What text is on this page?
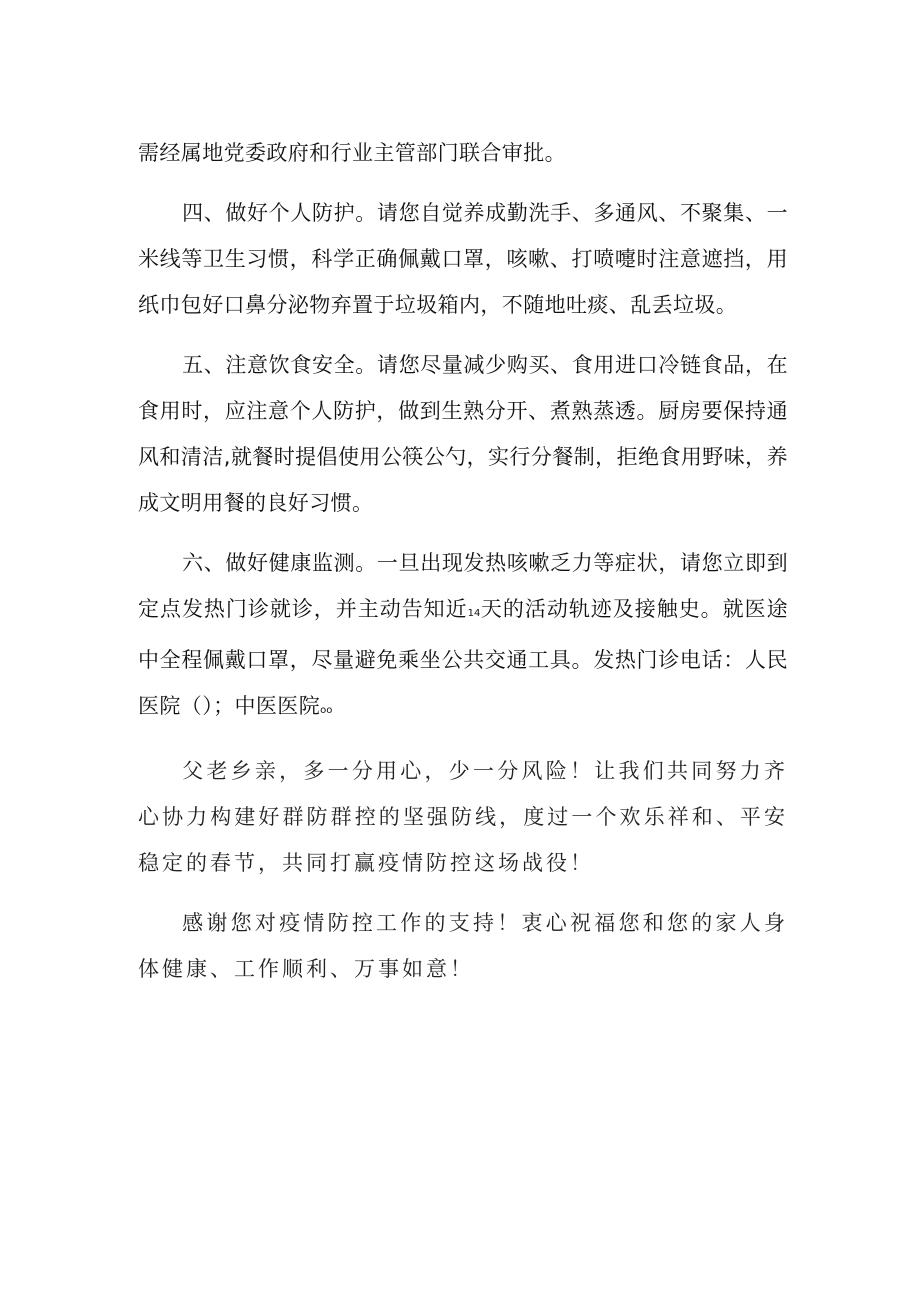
需经属地党委政府和行业主管部门联合审批。

四、做好个人防护。请您自觉养成勤洗手、多通风、不聚集、一米线等卫生习惯，科学正确佩戴口罩，咳嗽、打喷嚏时注意遮挡，用纸巾包好口鼻分泌物弃置于垃圾箱内，不随地吐痰、乱丢垃圾。

五、注意饮食安全。请您尽量减少购买、食用进口冷链食品，在食用时，应注意个人防护，做到生熟分开、煮熟蒸透。厨房要保持通风和清洁,就餐时提倡使用公筷公勺，实行分餐制，拒绝食用野味，养成文明用餐的良好习惯。

六、做好健康监测。一旦出现发热咳嗽乏力等症状，请您立即到定点发热门诊就诊，并主动告知近14天的活动轨迹及接触史。就医途中全程佩戴口罩，尽量避免乘坐公共交通工具。发热门诊电话：人民医院（）；中医医院oo

父老乡亲，多一分用心，少一分风险！让我们共同努力齐心协力构建好群防群控的坚强防线，度过一个欢乐祥和、平安稳定的春节，共同打赢疫情防控这场战役！

感谢您对疫情防控工作的支持！衷心祝福您和您的家人身体健康、工作顺利、万事如意！
